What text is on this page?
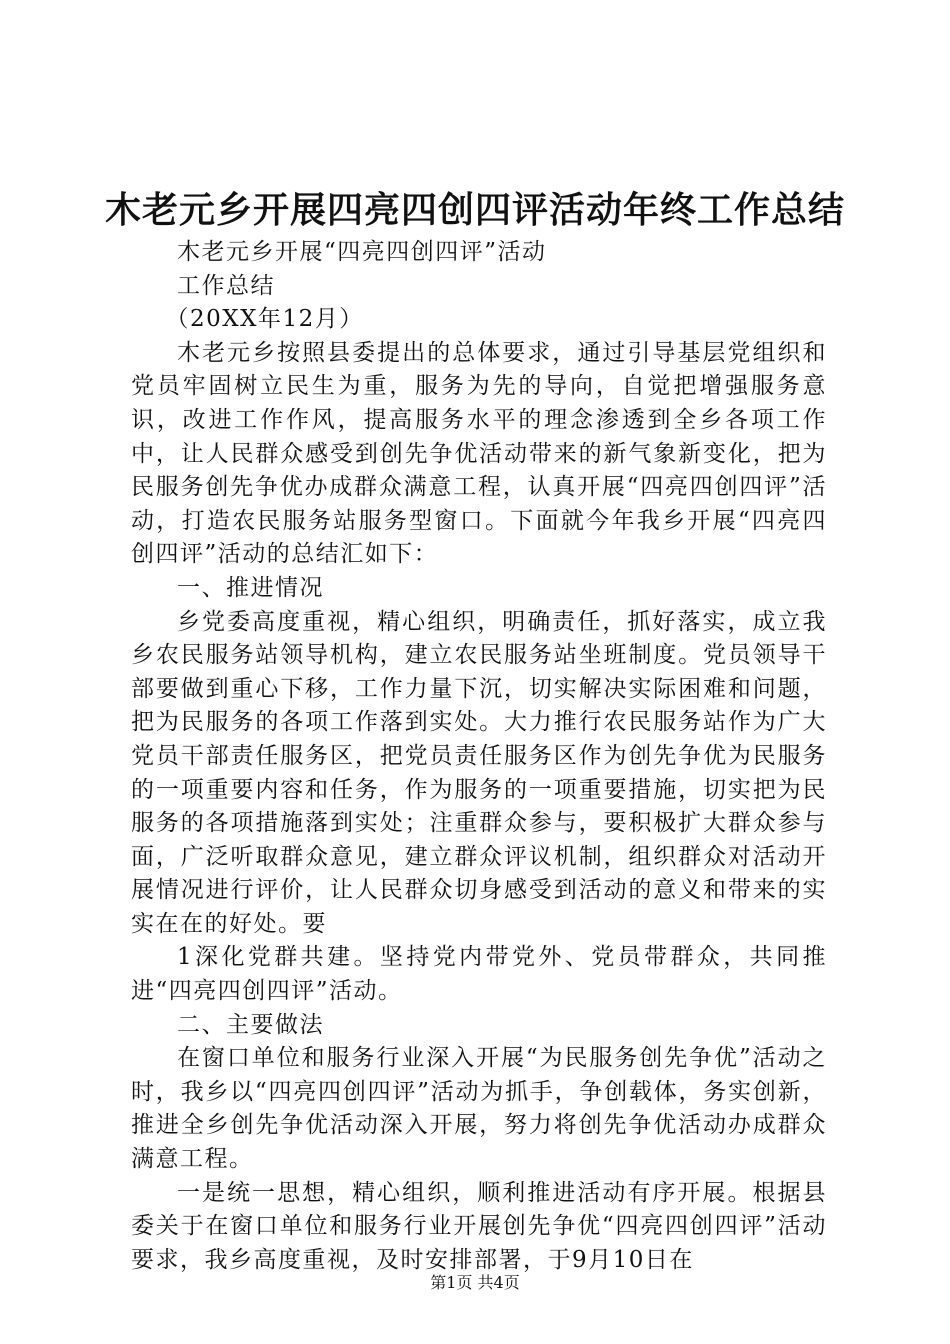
木老元乡开展四亮四创四评活动年终工作总结

木老元乡开展“四亮四创四评”活动

工作总结

（20XX年12月）

木老元乡按照县委提出的总体要求，通过引导基层党组织和党员牢固树立民生为重，服务为先的导向，自觉把增强服务意识，改进工作作风，提高服务水平的理念渗透到全乡各项工作中，让人民群众感受到创先争优活动带来的新气象新变化，把为民服务创先争优办成群众满意工程，认真开展“四亮四创四评”活动，打造农民服务站服务型窗口。下面就今年我乡开展“四亮四创四评”活动的总结汇如下：

一、推进情况

乡党委高度重视，精心组织，明确责任，抓好落实，成立我乡农民服务站领导机构，建立农民服务站坐班制度。党员领导干部要做到重心下移，工作力量下沉，切实解决实际困难和问题，把为民服务的各项工作落到实处。大力推行农民服务站作为广大党员干部责任服务区，把党员责任服务区作为创先争优为民服务的一项重要内容和任务，作为服务的一项重要措施，切实把为民服务的各项措施落到实处；注重群众参与，要积极扩大群众参与面，广泛听取群众意见，建立群众评议机制，组织群众对活动开展情况进行评价，让人民群众切身感受到活动的意义和带来的实实在在的好处。要

1深化党群共建。坚持党内带党外、党员带群众，共同推进“四亮四创四评”活动。

二、主要做法

在窗口单位和服务行业深入开展“为民服务创先争优”活动之时，我乡以“四亮四创四评”活动为抓手，争创载体，务实创新，推进全乡创先争优活动深入开展，努力将创先争优活动办成群众满意工程。

一是统一思想，精心组织，顺利推进活动有序开展。根据县委关于在窗口单位和服务行业开展创先争优“四亮四创四评”活动要求，我乡高度重视，及时安排部署，于9月10日在

第1页 共4页
